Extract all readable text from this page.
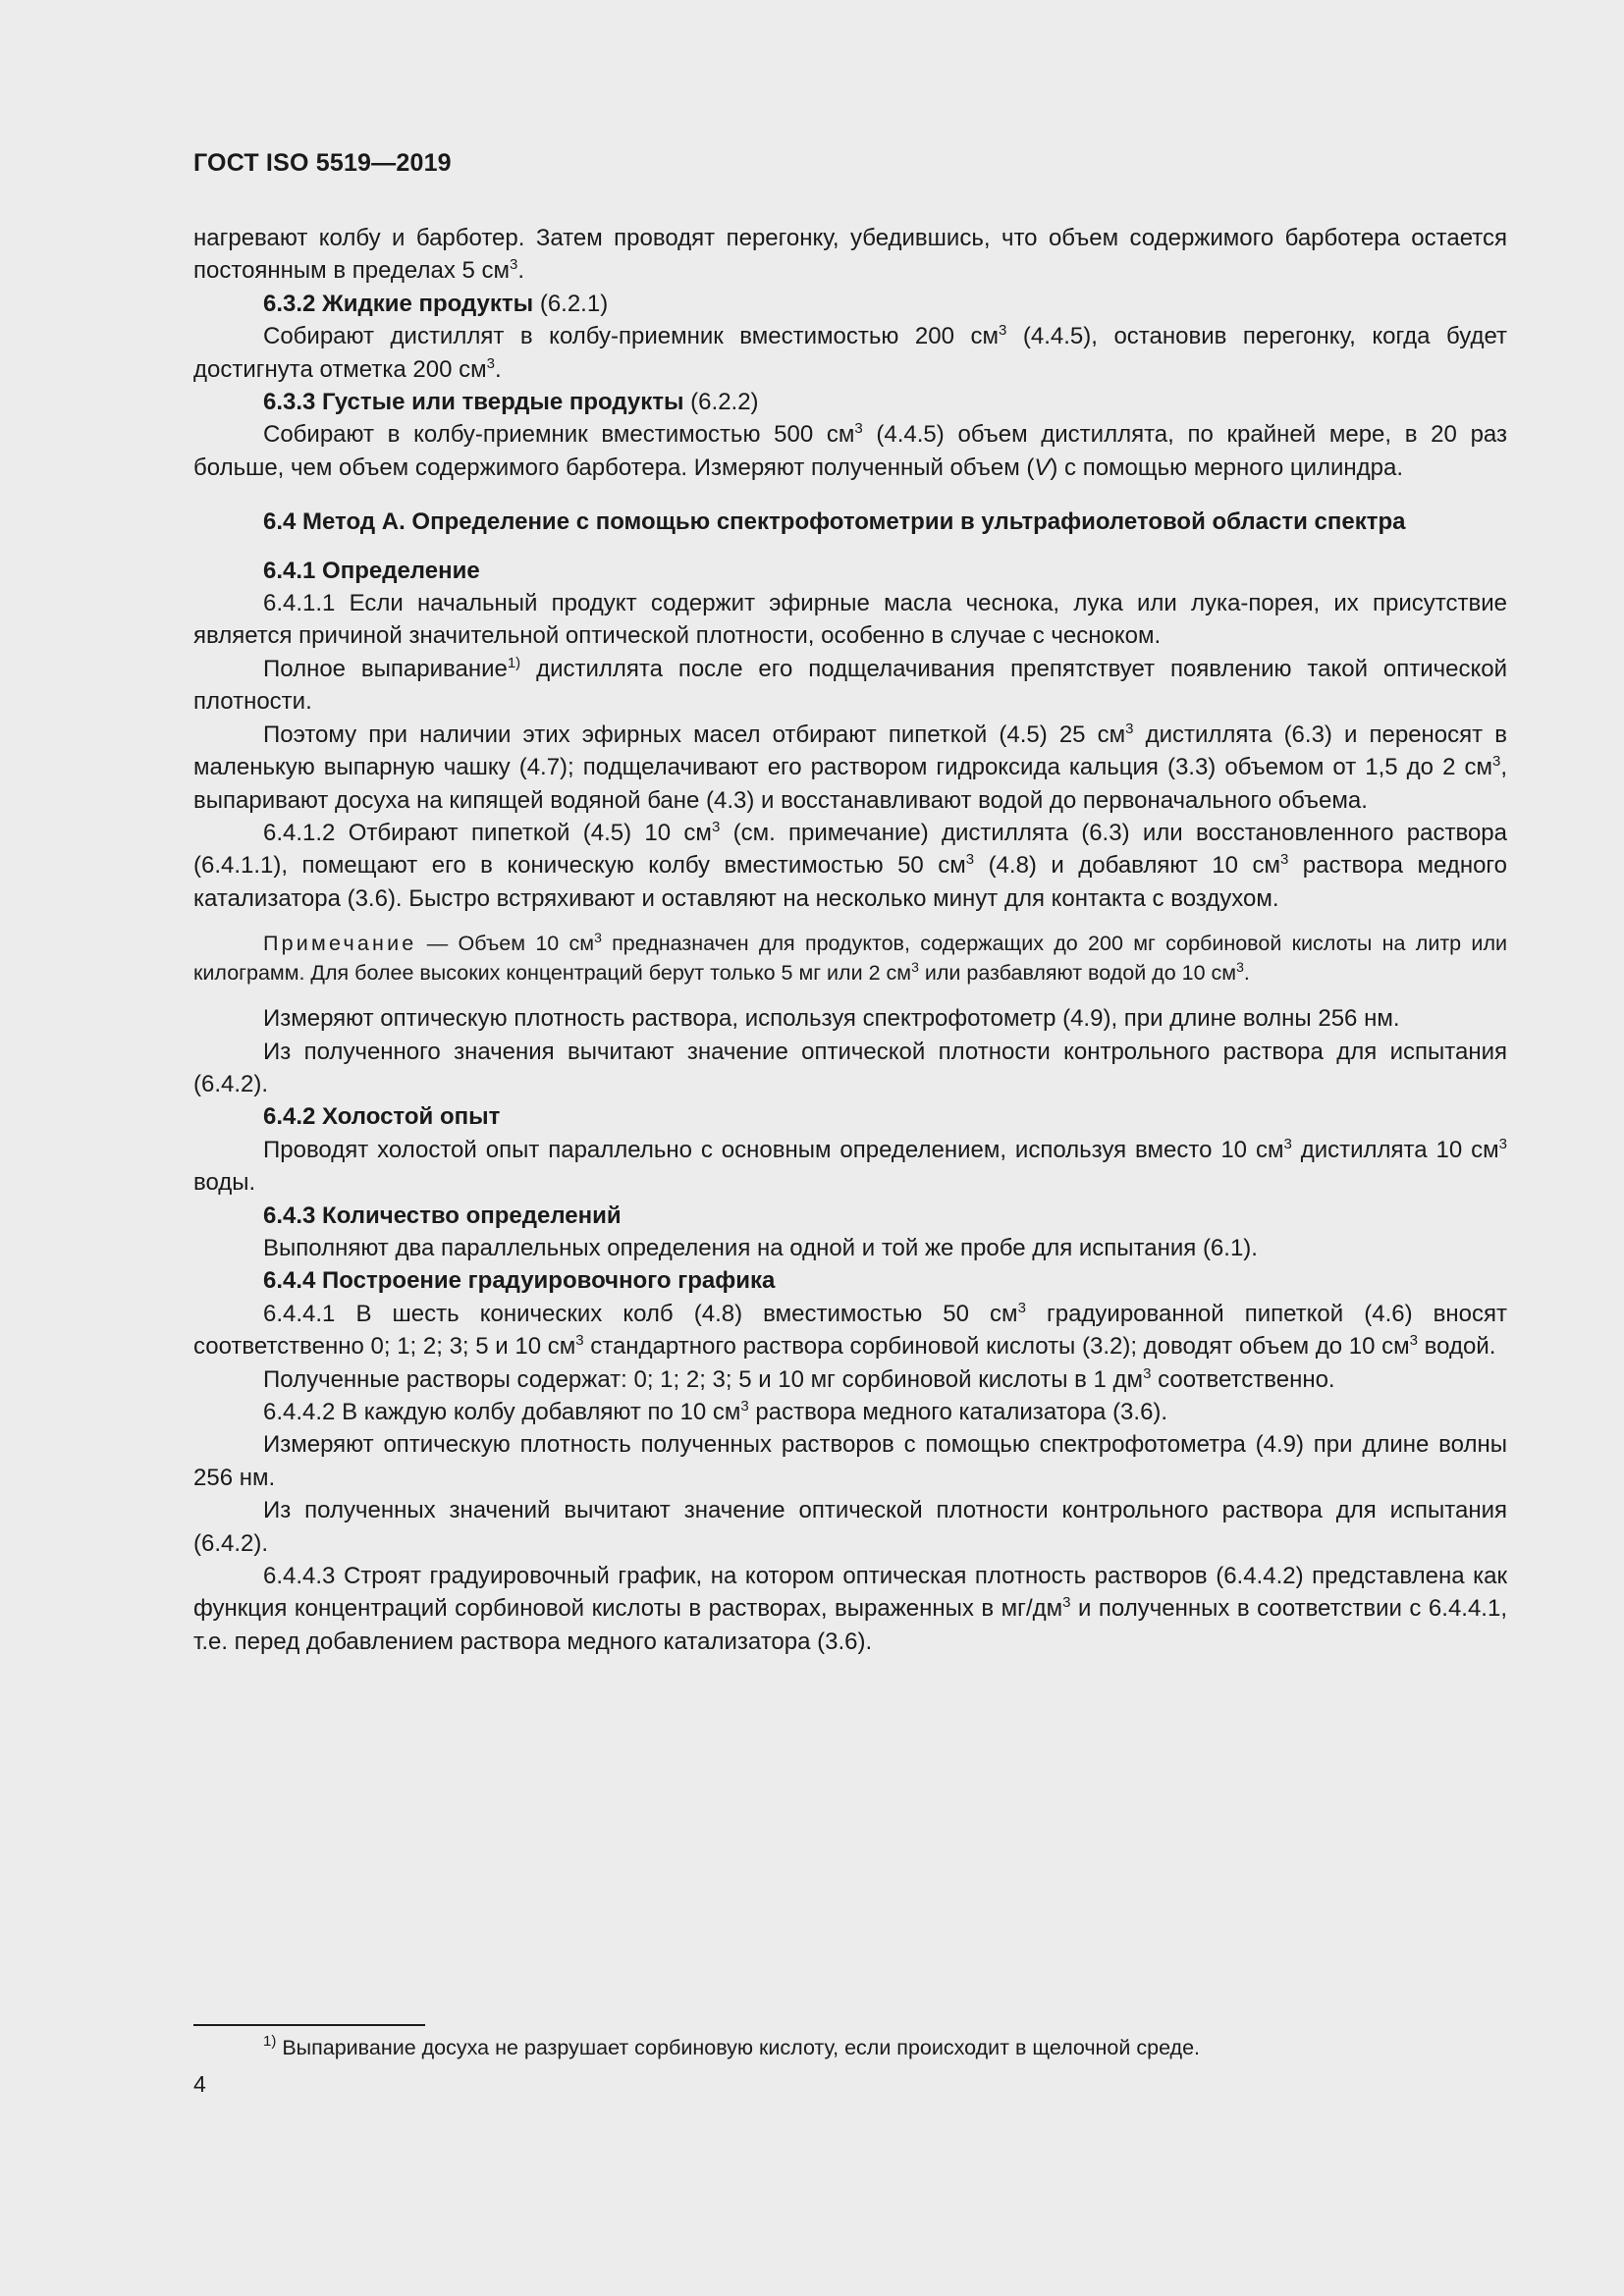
ГОСТ ISO 5519—2019

нагревают колбу и барботер. Затем проводят перегонку, убедившись, что объем содержимого барботера остается постоянным в пределах 5 $см^3$.

6.3.2 Жидкие продукты (6.2.1)

Собирают дистиллят в колбу-приемник вместимостью 200 $см^3$ (4.4.5), остановив перегонку, когда будет достигнута отметка 200 $см^3$.

6.3.3 Густые или твердые продукты (6.2.2)

Собирают в колбу-приемник вместимостью 500 $см^3$ (4.4.5) объем дистиллята, по крайней мере, в 20 раз больше, чем объем содержимого барботера. Измеряют полученный объем (V) с помощью мерного цилиндра.

6.4 Метод А. Определение с помощью спектрофотометрии в ультрафиолетовой области спектра

6.4.1 Определение

6.4.1.1 Если начальный продукт содержит эфирные масла чеснока, лука или лука-порея, их присутствие является причиной значительной оптической плотности, особенно в случае с чесноком.

Полное выпаривание$^{1)}$ дистиллята после его подщелачивания препятствует появлению такой оптической плотности.

Поэтому при наличии этих эфирных масел отбирают пипеткой (4.5) 25 $см^3$ дистиллята (6.3) и переносят в маленькую выпарную чашку (4.7); подщелачивают его раствором гидроксида кальция (3.3) объемом от 1,5 до 2 $см^3$, выпаривают досуха на кипящей водяной бане (4.3) и восстанавливают водой до первоначального объема.

6.4.1.2 Отбирают пипеткой (4.5) 10 $см^3$ (см. примечание) дистиллята (6.3) или восстановленного раствора (6.4.1.1), помещают его в коническую колбу вместимостью 50 $см^3$ (4.8) и добавляют 10 $см^3$ раствора медного катализатора (3.6). Быстро встряхивают и оставляют на несколько минут для контакта с воздухом.

Примечание — Объем 10 $см^3$ предназначен для продуктов, содержащих до 200 мг сорбиновой кислоты на литр или килограмм. Для более высоких концентраций берут только 5 мг или 2 $см^3$ или разбавляют водой до 10 $см^3$.

Измеряют оптическую плотность раствора, используя спектрофотометр (4.9), при длине волны 256 нм.

Из полученного значения вычитают значение оптической плотности контрольного раствора для испытания (6.4.2).

6.4.2 Холостой опыт

Проводят холостой опыт параллельно с основным определением, используя вместо 10 $см^3$ дистиллята 10 $см^3$ воды.

6.4.3 Количество определений

Выполняют два параллельных определения на одной и той же пробе для испытания (6.1).

6.4.4 Построение градуировочного графика

6.4.4.1 В шесть конических колб (4.8) вместимостью 50 $см^3$ градуированной пипеткой (4.6) вносят соответственно 0; 1; 2; 3; 5 и 10 $см^3$ стандартного раствора сорбиновой кислоты (3.2); доводят объем до 10 $см^3$ водой.

Полученные растворы содержат: 0; 1; 2; 3; 5 и 10 мг сорбиновой кислоты в 1 $дм^3$ соответственно.

6.4.4.2 В каждую колбу добавляют по 10 $см^3$ раствора медного катализатора (3.6).

Измеряют оптическую плотность полученных растворов с помощью спектрофотометра (4.9) при длине волны 256 нм.

Из полученных значений вычитают значение оптической плотности контрольного раствора для испытания (6.4.2).

6.4.4.3 Строят градуировочный график, на котором оптическая плотность растворов (6.4.4.2) представлена как функция концентраций сорбиновой кислоты в растворах, выраженных в $мг/дм^3$ и полученных в соответствии с 6.4.4.1, т.е. перед добавлением раствора медного катализатора (3.6).

$^{1)}$ Выпаривание досуха не разрушает сорбиновую кислоту, если происходит в щелочной среде.
4
